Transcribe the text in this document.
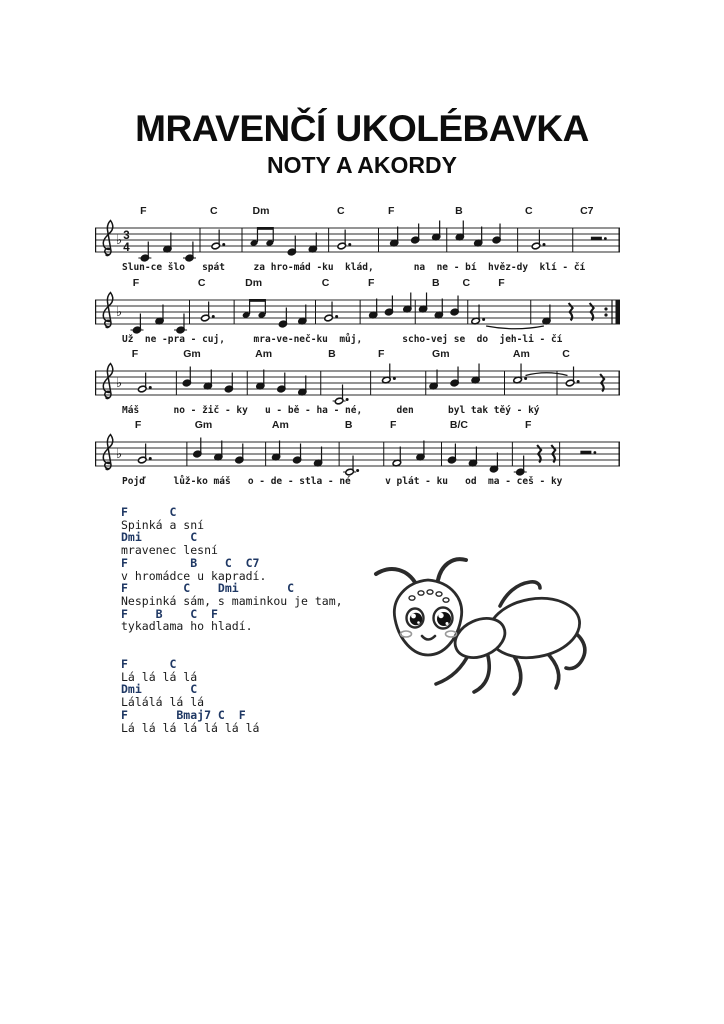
MRAVENČÍ UKOLÉBAVKA
NOTY A AKORDY
F	C	Dm	C	F	B	C	C7
♭ 3
4
Slun-ce šlo   spát     za hro-mád -ku  klád,       na  ne - bí  hvěz-dy  klí - čí
F	C	Dm	C	F	B C	F
♭
Už  ne -pra - cuj,     mra-ve-neč-ku  můj,       scho-vej se  do  jeh-li - čí
F	Gm	Am	B	F	Gm	Am	C
♭
Máš      no - žič - ky   u - bě - ha - né,      den      byl tak těý - ký
F	Gm	Am	B	F	B/C	F
♭
Pojď     lůž-ko máš   o - de - stla - né      v plát - ku   od  ma - ceš - ky
F      C
Spinká a sní
Dmi       C
mravenec lesní
F         B    C  C7
v hromádce u kapradí.
F        C    Dmi       C
Nespinká sám, s maminkou je tam,
F    B    C  F
tykadlama ho hladí.
F      C
Lá lá lá lá
Dmi       C
Lálálá lá lá
F       Bmaj7 C  F
Lá lá lá lá lá lá lá
